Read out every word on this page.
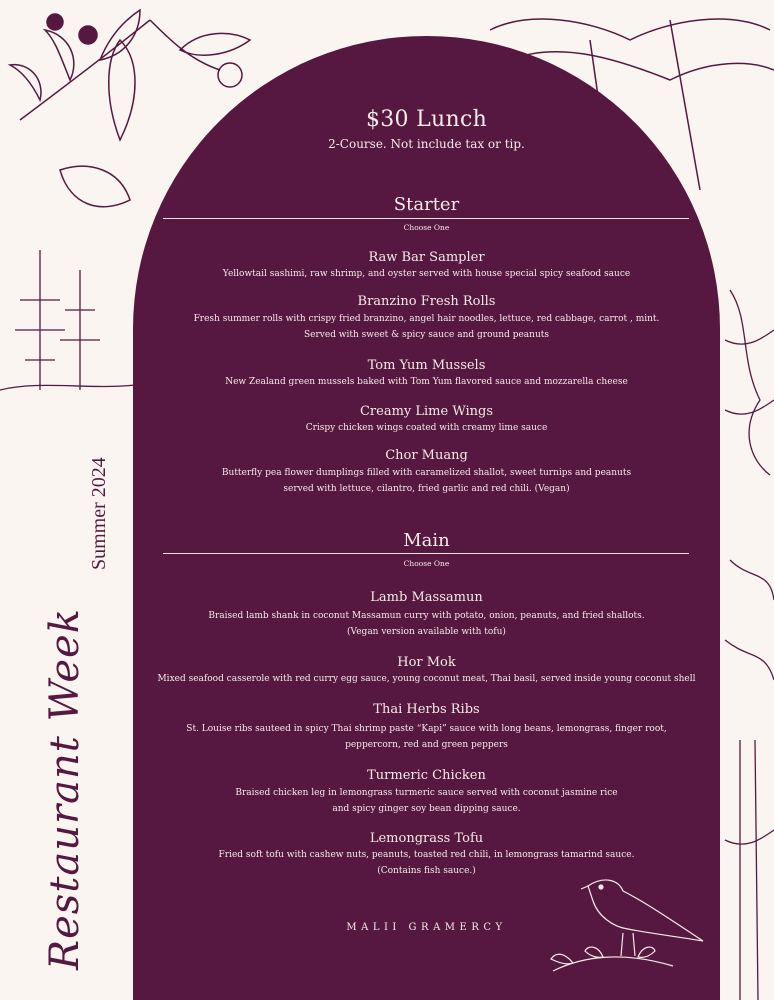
Summer 2024
Restaurant Week
$30 Lunch
2-Course. Not include tax or tip.
Starter
Choose One
Raw Bar Sampler
Yellowtail sashimi, raw shrimp, and oyster served with house special spicy seafood sauce
Branzino Fresh Rolls
Fresh summer rolls with crispy fried branzino, angel hair noodles, lettuce, red cabbage, carrot , mint.
Served with sweet & spicy sauce and ground peanuts
Tom Yum Mussels
New Zealand green mussels baked with Tom Yum flavored sauce and mozzarella cheese
Creamy Lime Wings
Crispy chicken wings coated with creamy lime sauce
Chor Muang
Butterfly pea flower dumplings filled with caramelized shallot, sweet turnips and peanuts
served with lettuce, cilantro, fried garlic and red chili. (Vegan)
Main
Choose One
Lamb Massamun
Braised lamb shank in coconut Massamun curry with potato, onion, peanuts, and fried shallots.
(Vegan version available with tofu)
Hor Mok
Mixed seafood casserole with red curry egg sauce, young coconut meat, Thai basil, served inside young coconut shell
Thai Herbs Ribs
St. Louise ribs sauteed in spicy Thai shrimp paste “Kapi” sauce with long beans, lemongrass, finger root,
peppercorn, red and green peppers
Turmeric Chicken
Braised chicken leg in lemongrass turmeric sauce served with coconut jasmine rice
and spicy ginger soy bean dipping sauce.
Lemongrass Tofu
Fried soft tofu with cashew nuts, peanuts, toasted red chili, in lemongrass tamarind sauce.
(Contains fish sauce.)
MALII GRAMERCY
